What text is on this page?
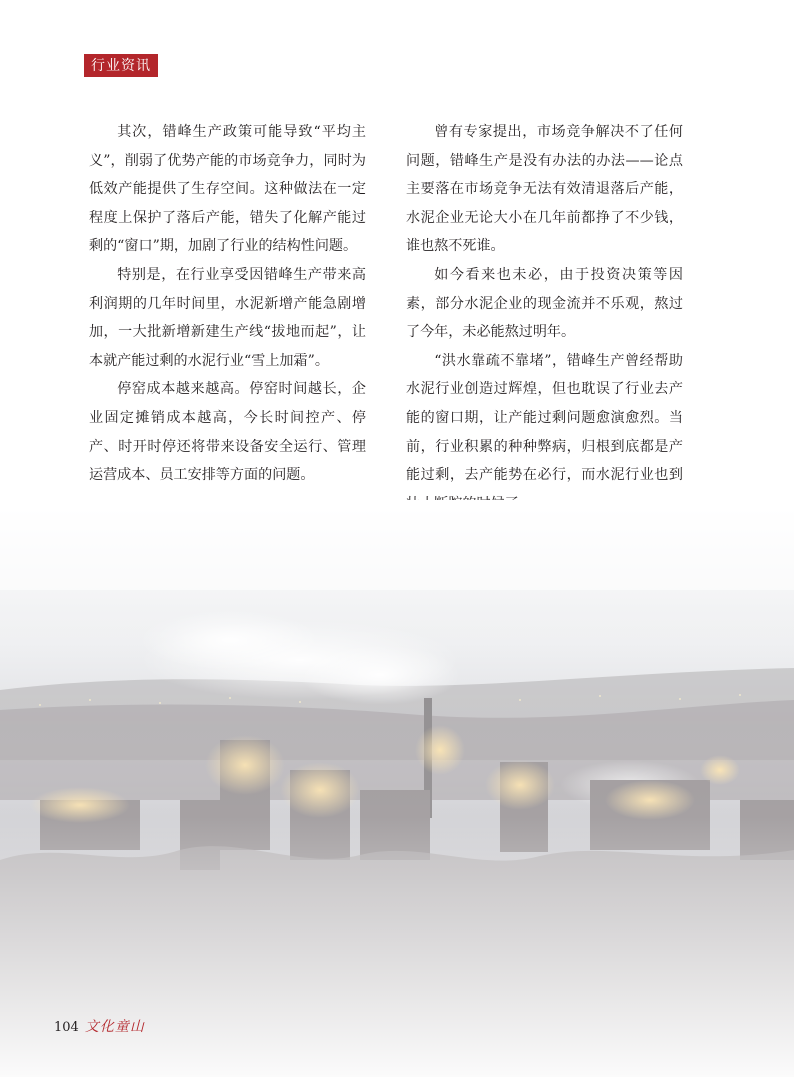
行业资讯

其次，错峰生产政策可能导致“平均主义”，削弱了优势产能的市场竞争力，同时为低效产能提供了生存空间。这种做法在一定程度上保护了落后产能，错失了化解产能过剩的“窗口”期，加剧了行业的结构性问题。

特别是，在行业享受因错峰生产带来高利润期的几年时间里，水泥新增产能急剧增加，一大批新增新建生产线“拔地而起”，让本就产能过剩的水泥行业“雪上加霜”。

停窑成本越来越高。停窑时间越长，企业固定摊销成本越高，今长时间控产、停产、时开时停还将带来设备安全运行、管理运营成本、员工安排等方面的问题。

曾有专家提出，市场竞争解决不了任何问题，错峰生产是没有办法的办法——论点主要落在市场竞争无法有效清退落后产能，水泥企业无论大小在几年前都挣了不少钱，谁也熬不死谁。

如今看来也未必，由于投资决策等因素，部分水泥企业的现金流并不乐观，熬过了今年，未必能熬过明年。

“洪水靠疏不靠堵”，错峰生产曾经帮助水泥行业创造过辉煌，但也耽误了行业去产能的窗口期，让产能过剩问题愈演愈烈。当前，行业积累的种种弊病，归根到底都是产能过剩，去产能势在必行，而水泥行业也到

104 文化童山
